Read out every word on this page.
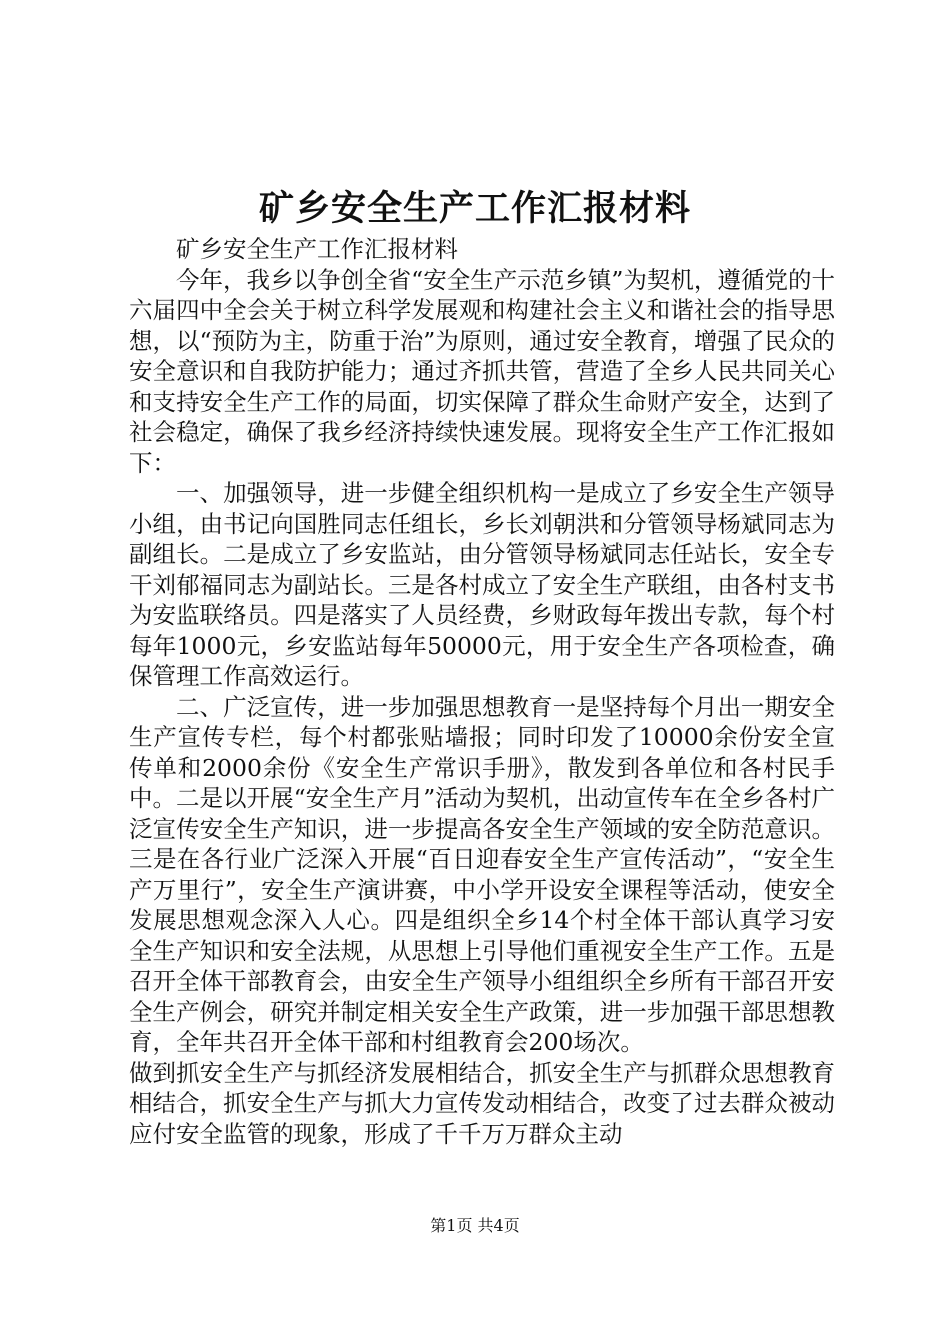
矿乡安全生产工作汇报材料

矿乡安全生产工作汇报材料

今年，我乡以争创全省“安全生产示范乡镇”为契机，遵循党的十六届四中全会关于树立科学发展观和构建社会主义和谐社会的指导思想，以“预防为主，防重于治”为原则，通过安全教育，增强了民众的安全意识和自我防护能力；通过齐抓共管，营造了全乡人民共同关心和支持安全生产工作的局面，切实保障了群众生命财产安全，达到了社会稳定，确保了我乡经济持续快速发展。现将安全生产工作汇报如下：

一、加强领导，进一步健全组织机构一是成立了乡安全生产领导小组，由书记向国胜同志任组长，乡长刘朝洪和分管领导杨斌同志为副组长。二是成立了乡安监站，由分管领导杨斌同志任站长，安全专干刘郁福同志为副站长。三是各村成立了安全生产联组，由各村支书为安监联络员。四是落实了人员经费，乡财政每年拨出专款，每个村每年1000元，乡安监站每年50000元，用于安全生产各项检查，确保管理工作高效运行。

二、广泛宣传，进一步加强思想教育一是坚持每个月出一期安全生产宣传专栏，每个村都张贴墙报；同时印发了10000余份安全宣传单和2000余份《安全生产常识手册》，散发到各单位和各村民手中。二是以开展“安全生产月”活动为契机，出动宣传车在全乡各村广泛宣传安全生产知识，进一步提高各安全生产领域的安全防范意识。三是在各行业广泛深入开展“百日迎春安全生产宣传活动”，“安全生产万里行”，安全生产演讲赛，中小学开设安全课程等活动，使安全发展思想观念深入人心。四是组织全乡14个村全体干部认真学习安全生产知识和安全法规，从思想上引导他们重视安全生产工作。五是召开全体干部教育会，由安全生产领导小组组织全乡所有干部召开安全生产例会，研究并制定相关安全生产政策，进一步加强干部思想教育，全年共召开全体干部和村组教育会200场次。

做到抓安全生产与抓经济发展相结合，抓安全生产与抓群众思想教育相结合，抓安全生产与抓大力宣传发动相结合，改变了过去群众被动应付安全监管的现象，形成了千千万万群众主动

第1页 共4页
